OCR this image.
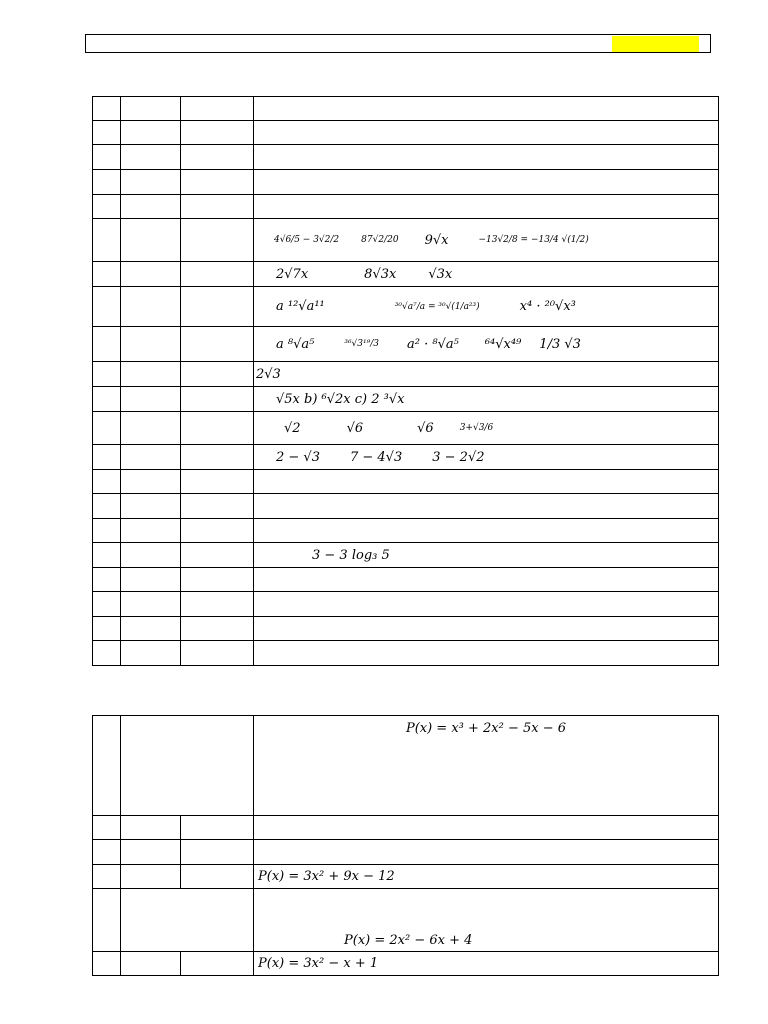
			4√6/5 − 3√2/2 87√2/20 9√x −13√2/8 = −13/4 √(1/2)

			2√7x 8√3x √3x

			a ¹²√a¹¹ ³⁰√a⁷/a = ³⁰√(1/a²³) x⁴ · ²⁰√x³

			a ⁸√a⁵ ³⁶√3¹⁹/3 a² · ⁸√a⁵ ⁶⁴√x⁴⁹ 1/3 √3

			2√3

			√5x b) ⁶√2x c) 2 ³√x

			√2 √6 √6 3+√3/6

			2 − √3 7 − 4√3 3 − 2√2

			3 − 3 log₃ 5

			P(x) = x³ + 2x² − 5x − 6

			P(x) = 3x² + 9x − 12

			P(x) = 2x² − 6x + 4

			P(x) = 3x² − x + 1
